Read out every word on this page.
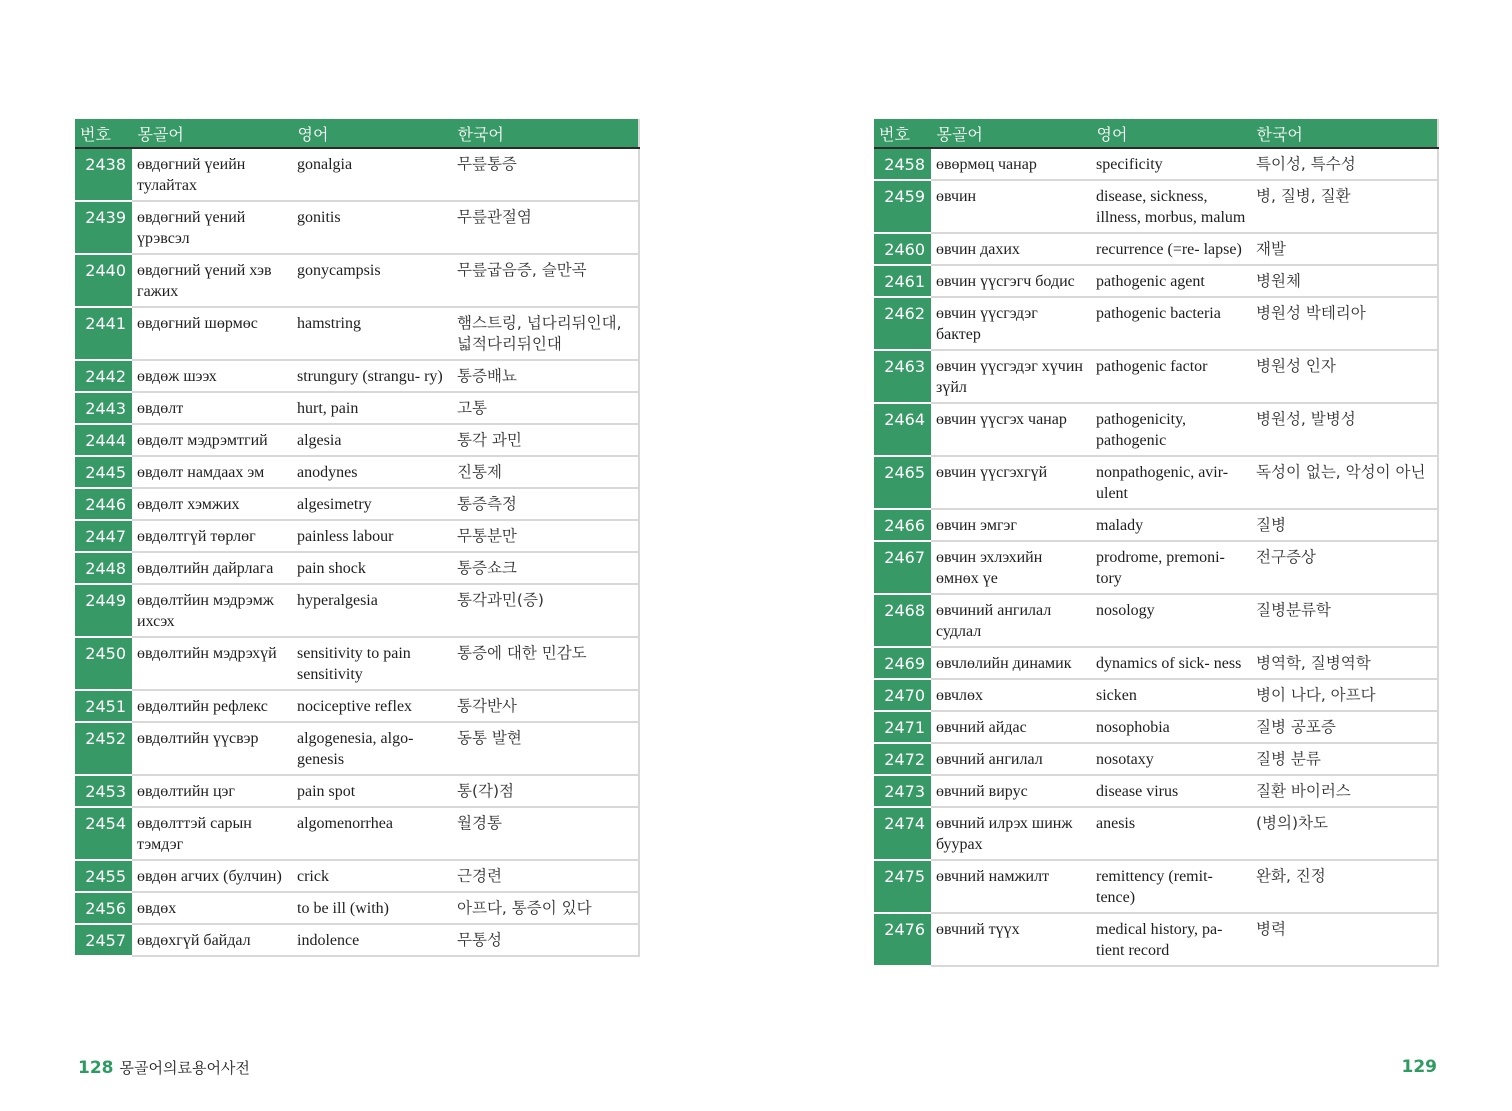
번호	몽골어	영어	한국어
2438	өвдөгний үеийн тулайтах	gonalgia	무릎통증
2439	өвдөгний үений үрэвсэл	gonitis	무릎관절염
2440	өвдөгний үений хэв гажих	gonycampsis	무릎굽음증, 슬만곡
2441	өвдөгний шөрмөс	hamstring	햄스트링, 넙다리뒤인대, 넓적다리뒤인대
2442	өвдөж шээх	strungury (strangu- ry)	통증배뇨
2443	өвдөлт	hurt, pain	고통
2444	өвдөлт мэдрэмтгий	algesia	통각 과민
2445	өвдөлт намдаах эм	anodynes	진통제
2446	өвдөлт хэмжих	algesimetry	통증측정
2447	өвдөлтгүй төрлөг	painless labour	무통분만
2448	өвдөлтийн дайрлага	pain shock	통증쇼크
2449	өвдөлтйин мэдрэмж ихсэх	hyperalgesia	통각과민(증)
2450	өвдөлтийн мэдрэхүй	sensitivity to pain sensitivity	통증에 대한 민감도
2451	өвдөлтийн рефлекс	nociceptive reflex	통각반사
2452	өвдөлтийн үүсвэр	algogenesia, algo- genesis	동통 발현
2453	өвдөлтийн цэг	pain spot	통(각)점
2454	өвдөлттэй сарын тэмдэг	algomenorrhea	월경통
2455	өвдөн агчих (булчин)	crick	근경련
2456	өвдөх	to be ill (with)	아프다, 통증이 있다
2457	өвдөхгүй байдал	indolence	무통성
번호	몽골어	영어	한국어
2458	өвөрмөц чанар	specificity	특이성, 특수성
2459	өвчин	disease, sickness, illness, morbus, malum	병, 질병, 질환
2460	өвчин дахих	recurrence (=re- lapse)	재발
2461	өвчин үүсгэгч бодис	pathogenic agent	병원체
2462	өвчин үүсгэдэг бактер	pathogenic bacteria	병원성 박테리아
2463	өвчин үүсгэдэг хүчин зүйл	pathogenic factor	병원성 인자
2464	өвчин үүсгэх чанар	pathogenicity, pathogenic	병원성, 발병성
2465	өвчин үүсгэхгүй	nonpathogenic, avir- ulent	독성이 없는, 악성이 아닌
2466	өвчин эмгэг	malady	질병
2467	өвчин эхлэхийн өмнөх үе	prodrome, premoni- tory	전구증상
2468	өвчиний ангилал судлал	nosology	질병분류학
2469	өвчлөлийн динамик	dynamics of sick- ness	병역학, 질병역학
2470	өвчлөх	sicken	병이 나다, 아프다
2471	өвчний айдас	nosophobia	질병 공포증
2472	өвчний ангилал	nosotaxy	질병 분류
2473	өвчний вирус	disease virus	질환 바이러스
2474	өвчний илрэх шинж буурах	anesis	(병의)차도
2475	өвчний намжилт	remittency (remit- tence)	완화, 진정
2476	өвчний түүх	medical history, pa- tient record	병력
128 몽골어의료용어사전	129
